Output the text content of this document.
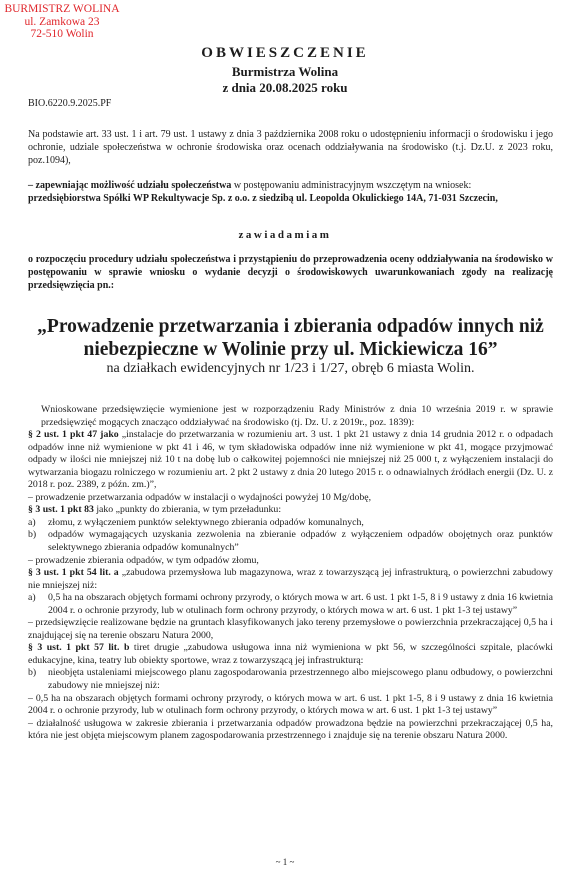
BURMISTRZ WOLINA
ul. Zamkowa 23
72-510 Wolin
OBWIESZCZENIE
Burmistrza Wolina
z dnia 20.08.2025 roku
BIO.6220.9.2025.PF

Na podstawie art. 33 ust. 1 i art. 79 ust. 1 ustawy z dnia 3 października 2008 roku o udostępnieniu informacji o środowisku i jego ochronie, udziale społeczeństwa w ochronie środowiska oraz ocenach oddziaływania na środowisko (t.j. Dz.U. z 2023 roku, poz.1094),

– zapewniając możliwość udziału społeczeństwa w postępowaniu administracyjnym wszczętym na wniosek:

przedsiębiorstwa Spółki WP Rekultywacje Sp. z o.o. z siedzibą ul. Leopolda Okulickiego 14A, 71-031 Szczecin,

zawiadamiam

o rozpoczęciu procedury udziału społeczeństwa i przystąpieniu do przeprowadzenia oceny oddziaływania na środowisko w postępowaniu w sprawie wniosku o wydanie decyzji o środowiskowych uwarunkowaniach zgody na realizację przedsięwzięcia pn.:

„Prowadzenie przetwarzania i zbierania odpadów innych niż niebezpieczne w Wolinie przy ul. Mickiewicza 16”
na działkach ewidencyjnych nr 1/23 i 1/27, obręb 6 miasta Wolin.

Wnioskowane przedsięwzięcie wymienione jest w rozporządzeniu Rady Ministrów z dnia 10 września 2019 r. w sprawie przedsięwzięć mogących znacząco oddziaływać na środowisko (tj. Dz. U. z 2019r., poz. 1839):

§ 2 ust. 1 pkt 47 jako „instalacje do przetwarzania w rozumieniu art. 3 ust. 1 pkt 21 ustawy z dnia 14 grudnia 2012 r. o odpadach odpadów inne niż wymienione w pkt 41 i 46, w tym składowiska odpadów inne niż wymienione w pkt 41, mogące przyjmować odpady w ilości nie mniejszej niż 10 t na dobę lub o całkowitej pojemności nie mniejszej niż 25 000 t, z wyłączeniem instalacji do wytwarzania biogazu rolniczego w rozumieniu art. 2 pkt 2 ustawy z dnia 20 lutego 2015 r. o odnawialnych źródłach energii (Dz. U. z 2018 r. poz. 2389, z późn. zm.)”,

– prowadzenie przetwarzania odpadów w instalacji o wydajności powyżej 10 Mg/dobę,

§ 3 ust. 1 pkt 83 jako „punkty do zbierania, w tym przeładunku:

a)	złomu, z wyłączeniem punktów selektywnego zbierania odpadów komunalnych,
b)	odpadów wymagających uzyskania zezwolenia na zbieranie odpadów z wyłączeniem odpadów obojętnych oraz punktów selektywnego zbierania odpadów komunalnych”

– prowadzenie zbierania odpadów, w tym odpadów złomu,

§ 3 ust. 1 pkt 54 lit. a „zabudowa przemysłowa lub magazynowa, wraz z towarzyszącą jej infrastrukturą, o powierzchni zabudowy nie mniejszej niż:

a)	0,5 ha na obszarach objętych formami ochrony przyrody, o których mowa w art. 6 ust. 1 pkt 1-5, 8 i 9 ustawy z dnia 16 kwietnia 2004 r. o ochronie przyrody, lub w otulinach form ochrony przyrody, o których mowa w art. 6 ust. 1 pkt 1-3 tej ustawy”

– przedsięwzięcie realizowane będzie na gruntach klasyfikowanych jako tereny przemysłowe o powierzchnia przekraczającej 0,5 ha i znajdującej się na terenie obszaru Natura 2000,

§ 3 ust. 1 pkt 57 lit. b tiret drugie „zabudowa usługowa inna niż wymieniona w pkt 56, w szczególności szpitale, placówki edukacyjne, kina, teatry lub obiekty sportowe, wraz z towarzyszącą jej infrastrukturą:

b)	nieobjęta ustaleniami miejscowego planu zagospodarowania przestrzennego albo miejscowego planu odbudowy, o powierzchni zabudowy nie mniejszej niż:

– 0,5 ha na obszarach objętych formami ochrony przyrody, o których mowa w art. 6 ust. 1 pkt 1-5, 8 i 9 ustawy z dnia 16 kwietnia 2004 r. o ochronie przyrody, lub w otulinach form ochrony przyrody, o których mowa w art. 6 ust. 1 pkt 1-3 tej ustawy”

– działalność usługowa w zakresie zbierania i przetwarzania odpadów prowadzona będzie na powierzchni przekraczającej 0,5 ha, która nie jest objęta miejscowym planem zagospodarowania przestrzennego i znajduje się na terenie obszaru Natura 2000.

~ 1 ~
